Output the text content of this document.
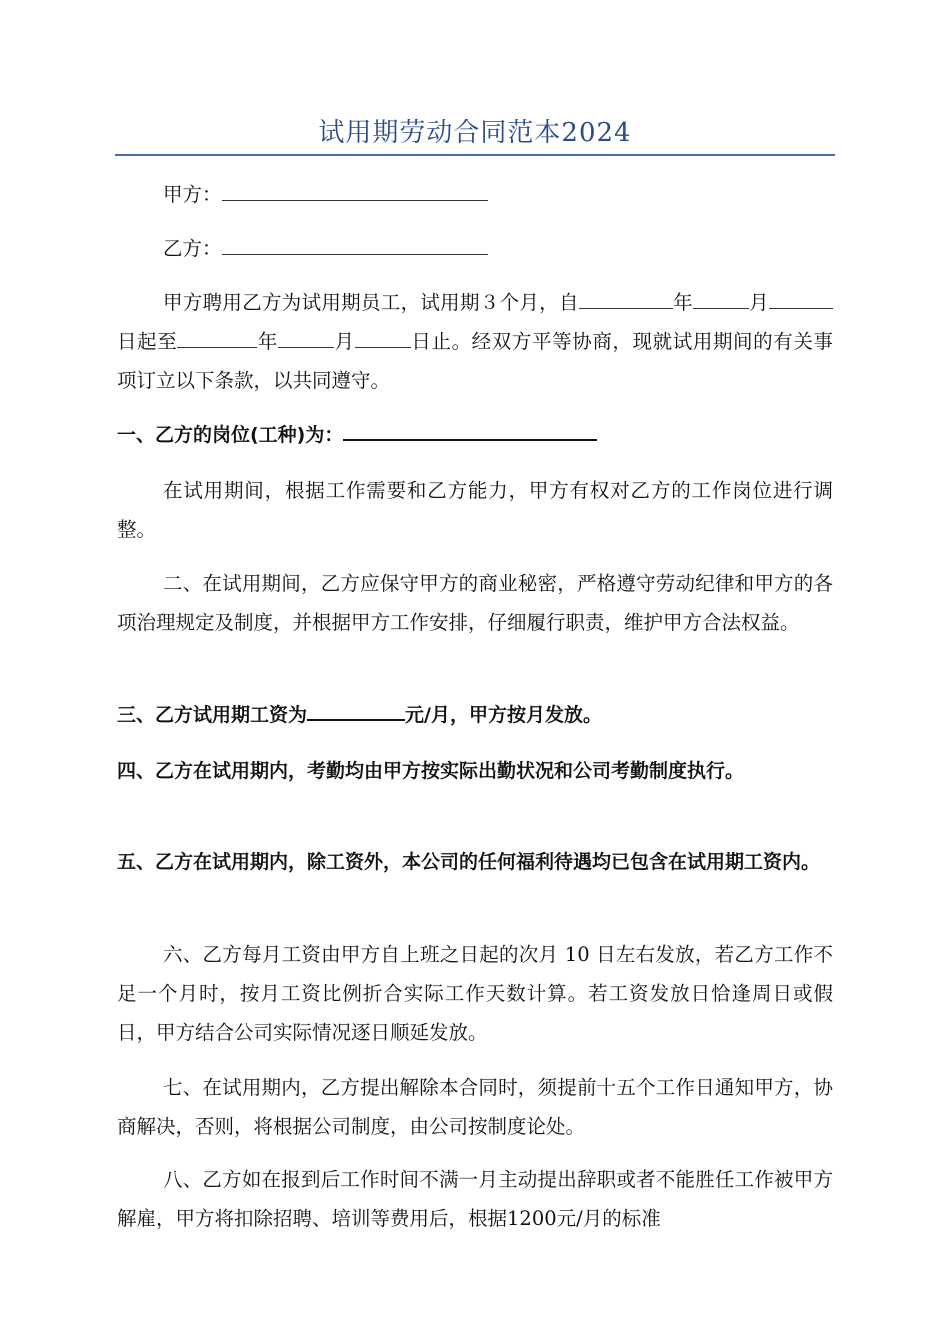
试用期劳动合同范本2024
甲方：
乙方：

甲方聘用乙方为试用期员工，试用期３个月，自	年	月日起至	年	月	日止。经双方平等协商，现就试用期间的有关事项订立以下条款，以共同遵守。

一、乙方的岗位(工种)为：

在试用期间，根据工作需要和乙方能力，甲方有权对乙方的工作岗位进行调整。

二、在试用期间，乙方应保守甲方的商业秘密，严格遵守劳动纪律和甲方的各项治理规定及制度，并根据甲方工作安排，仔细履行职责，维护甲方合法权益。

三、乙方试用期工资为	元/月，甲方按月发放。

四、乙方在试用期内，考勤均由甲方按实际出勤状况和公司考勤制度执行。

五、乙方在试用期内，除工资外，本公司的任何福利待遇均已包含在试用期工资内。

六、乙方每月工资由甲方自上班之日起的次月 10 日左右发放，若乙方工作不足一个月时，按月工资比例折合实际工作天数计算。若工资发放日恰逢周日或假日，甲方结合公司实际情况逐日顺延发放。

七、在试用期内，乙方提出解除本合同时，须提前十五个工作日通知甲方，协商解决，否则，将根据公司制度，由公司按制度论处。

八、乙方如在报到后工作时间不满一月主动提出辞职或者不能胜任工作被甲方解雇，甲方将扣除招聘、培训等费用后，根据1200元/月的标准
